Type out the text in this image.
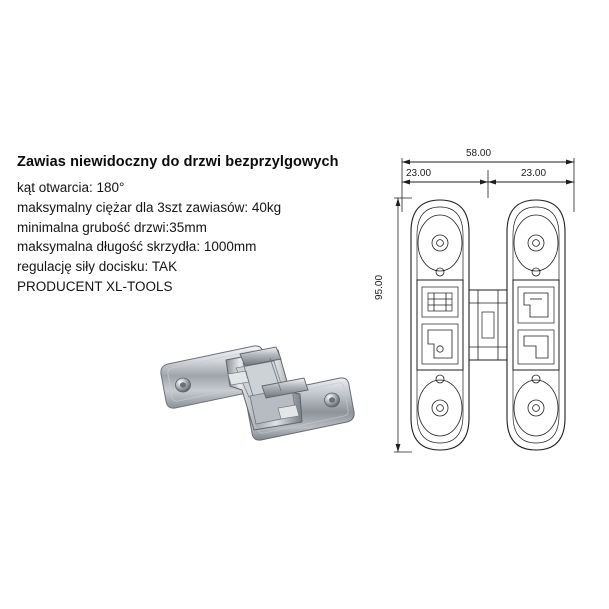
Zawias niewidoczny do drzwi bezprzylgowych
kąt otwarcia: 180°
maksymalny ciężar dla 3szt zawiasów: 40kg
minimalna grubość drzwi:35mm
maksymalna długość skrzydła: 1000mm
regulację siły docisku: TAK
PRODUCENT XL-TOOLS
58.00
23.00	23.00
95.00
